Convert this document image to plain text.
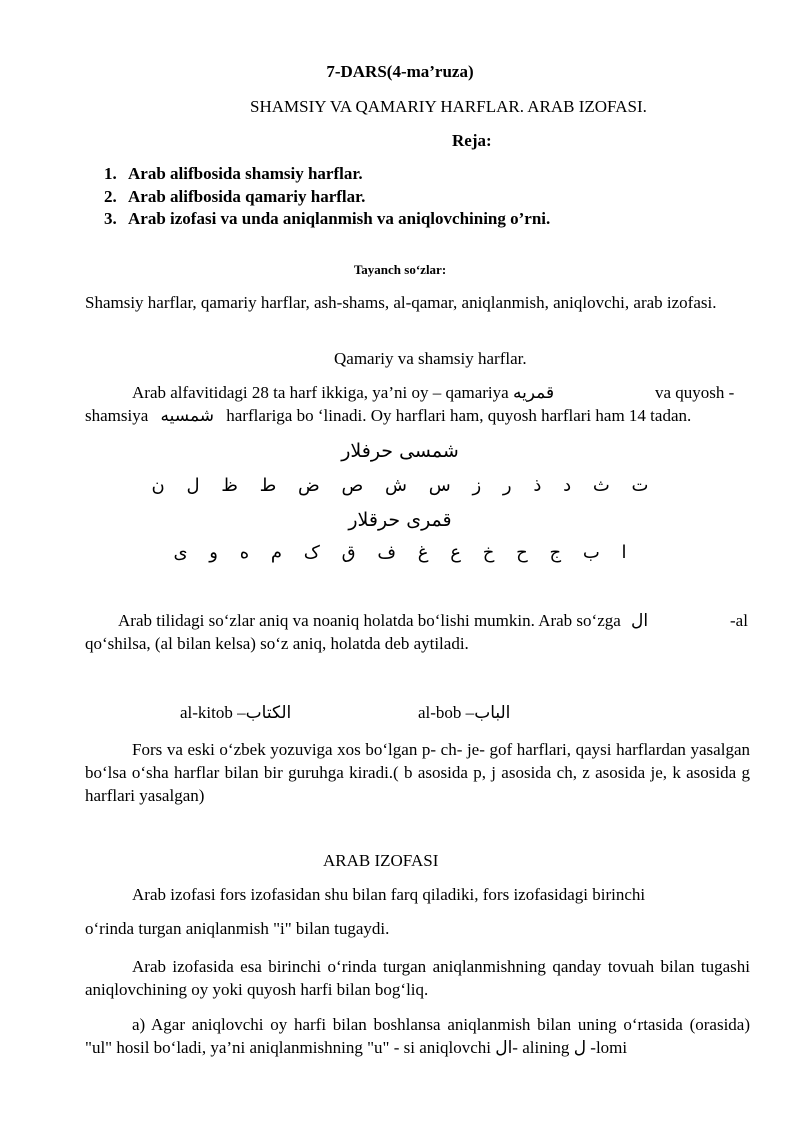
7-DARS(4-ma’ruza)
SHAMSIY VA QAMARIY HARFLAR. ARAB IZOFASI.
Reja:
1. Arab alifbosida shamsiy harflar.
2. Arab alifbosida qamariy harflar.
3. Arab izofasi va unda aniqlanmish va aniqlovchining o’rni.
Tayanch so‘zlar:
Shamsiy harflar, qamariy harflar, ash-shams, al-qamar, aniqlanmish, aniqlovchi, arab izofasi.
Qamariy va shamsiy harflar.
Arab alfavitidagi 28 ta harf ikkiga, ya’ni oy – qamariya قمريه	va quyosh -
shamsiya شمسيه harflariga bo ‘linadi. Oy harflari ham, quyosh harflari ham 14 tadan.
شمسى حرفلار
ت ث د ذ ر ز س ش ص ض ط ظ ل ن
قمرى حرقلار
ا ب ج ح خ ع غ ف ق ک م ه و ى
Arab tilidagi so‘zlar aniq va noaniq holatda bo‘lishi mumkin. Arab so‘zga ال	-al
qo‘shilsa, (al bilan kelsa) so‘z aniq, holatda deb aytiladi.
al-kitob –الكتاب	al-bob –الباب
Fors va eski o‘zbek yozuviga xos bo‘lgan p- ch- je- gof harflari, qaysi harflardan yasalgan bo‘lsa o‘sha harflar bilan bir guruhga kiradi.( b asosida p, j asosida ch, z asosida je, k asosida g harflari yasalgan)
ARAB IZOFASI
Arab izofasi fors izofasidan shu bilan farq qiladiki, fors izofasidagi birinchi
o‘rinda turgan aniqlanmish "i" bilan tugaydi.
Arab izofasida esa birinchi o‘rinda turgan aniqlanmishning qanday tovuah bilan tugashi aniqlovchining oy yoki quyosh harfi bilan bog‘liq.
a) Agar aniqlovchi oy harfi bilan boshlansa aniqlanmish bilan uning o‘rtasida (orasida) "ul" hosil bo‘ladi, ya’ni aniqlanmishning "u" - si aniqlovchi ال- alining ل -lomi
